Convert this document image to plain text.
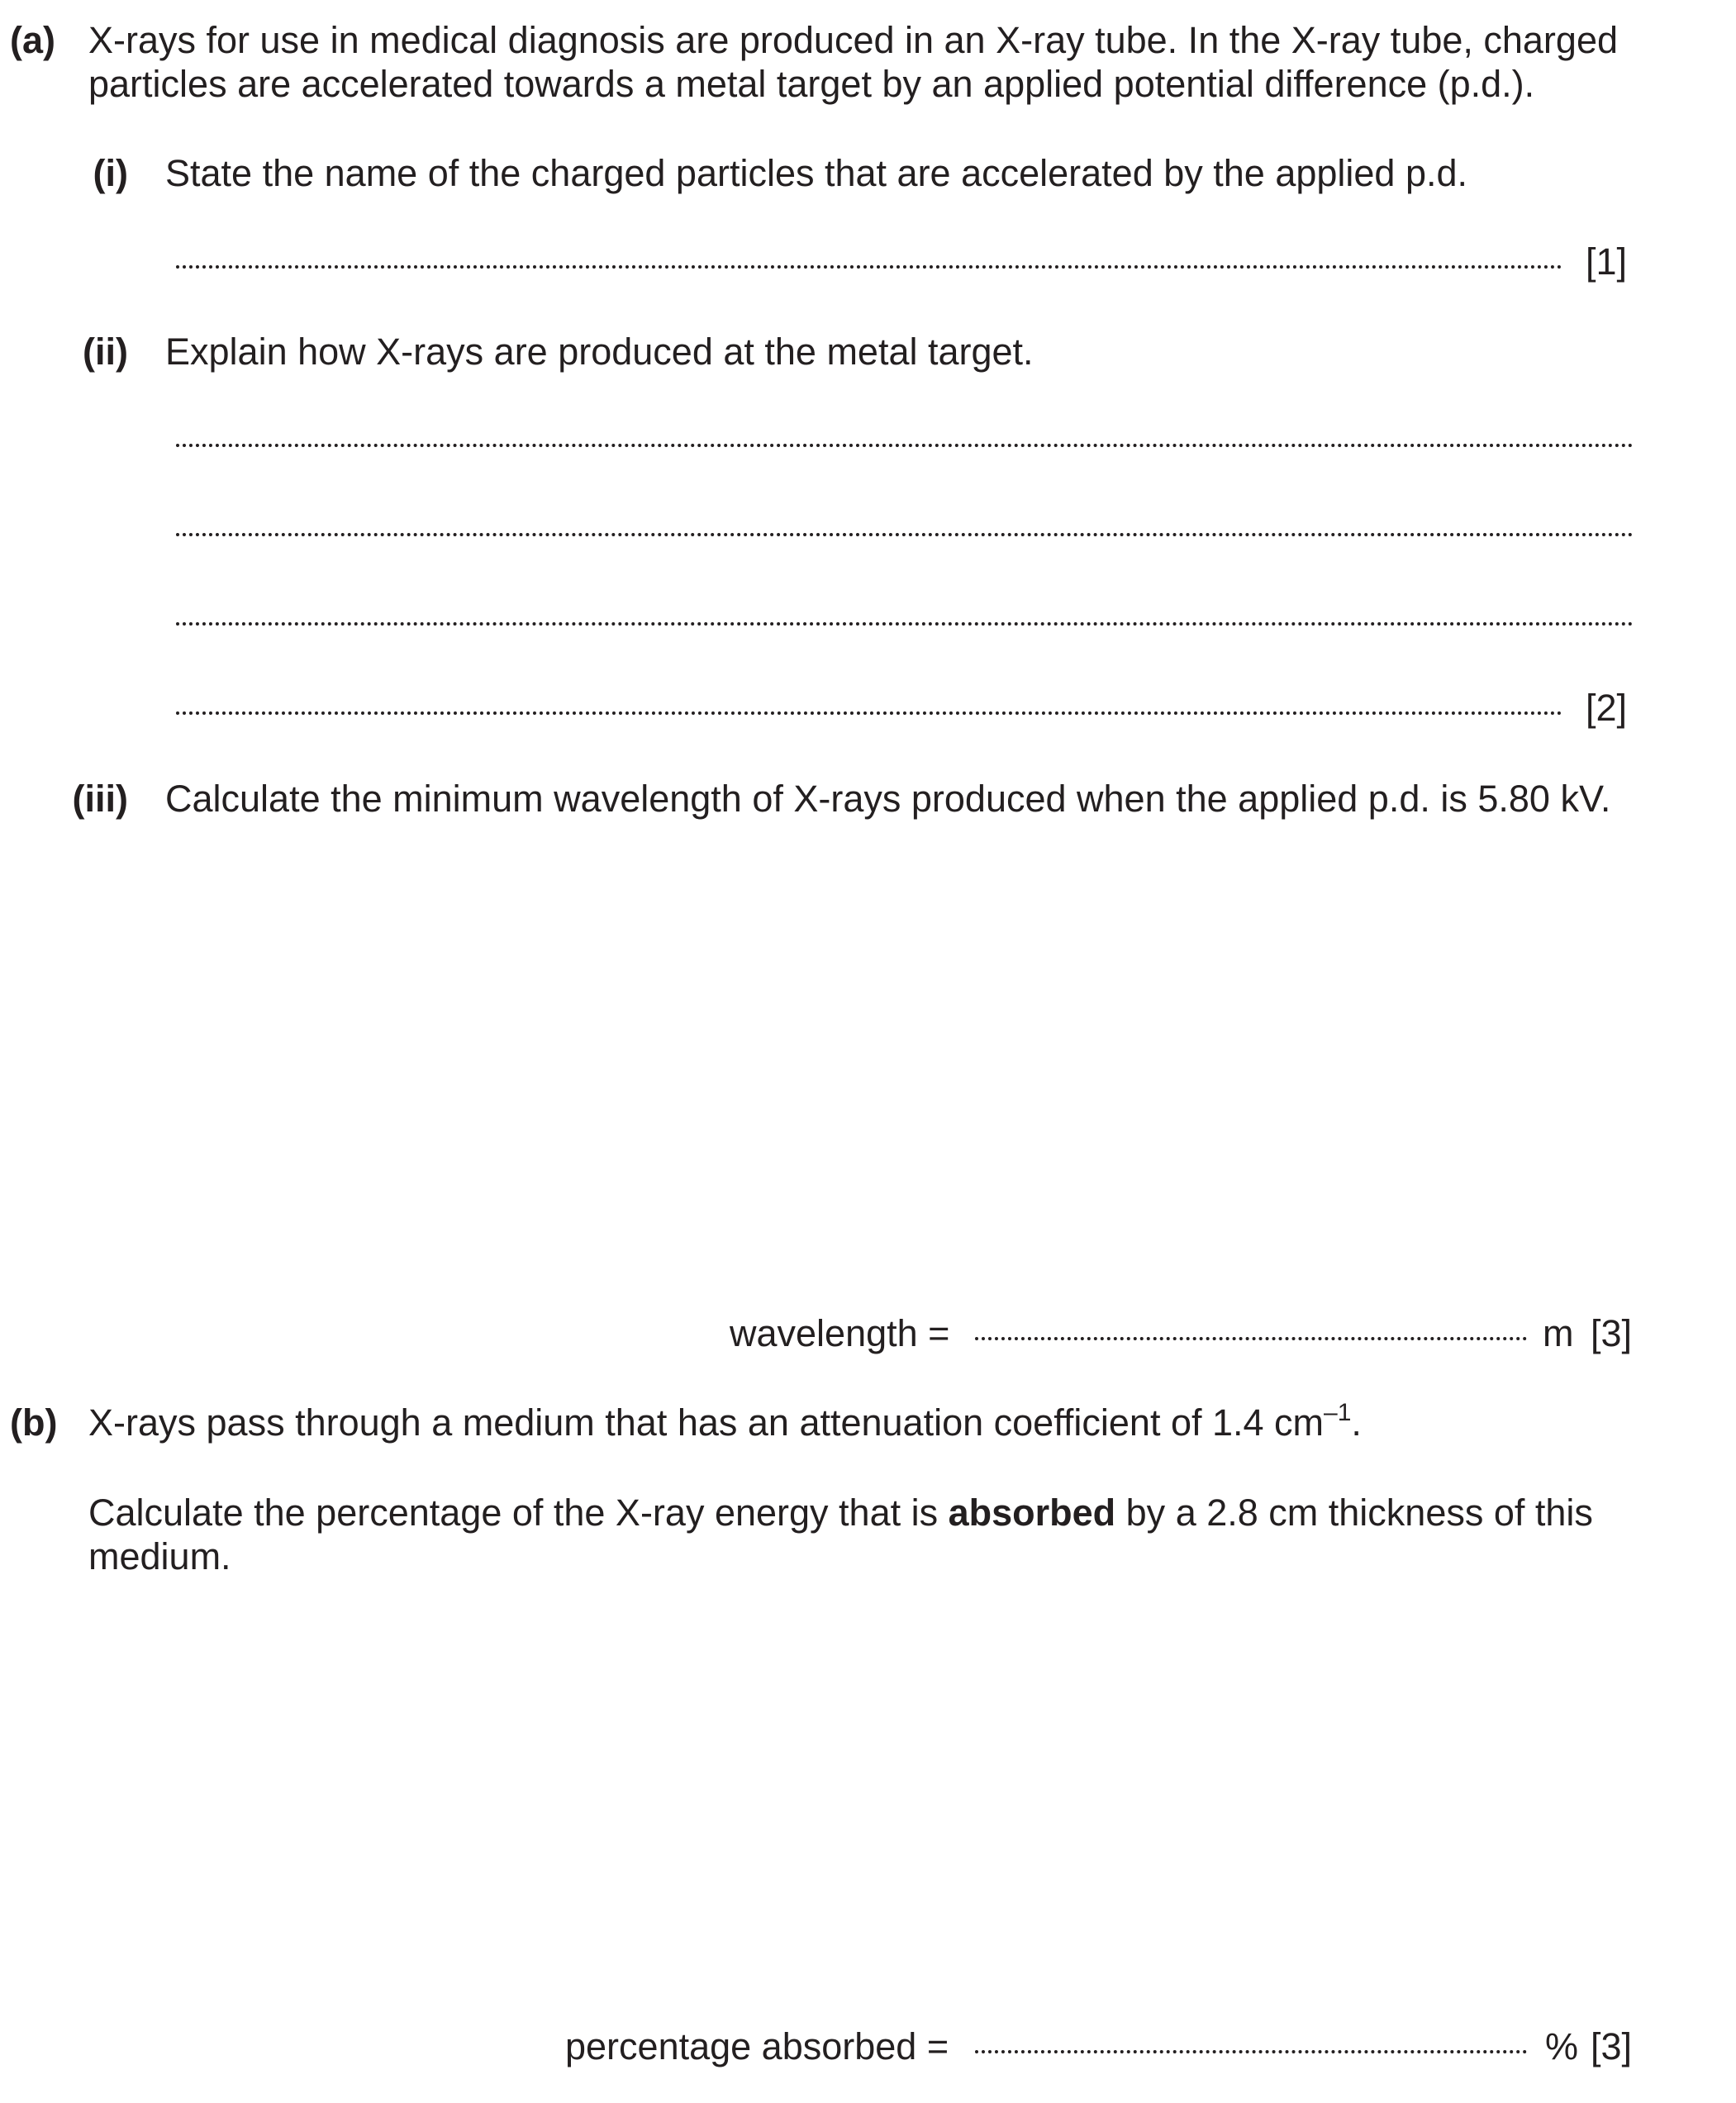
(a) X-rays for use in medical diagnosis are produced in an X-ray tube. In the X-ray tube, charged
particles are accelerated towards a metal target by an applied potential difference (p.d.).
(i) State the name of the charged particles that are accelerated by the applied p.d.
[1]
(ii) Explain how X-rays are produced at the metal target.
[2]
(iii) Calculate the minimum wavelength of X-rays produced when the applied p.d. is 5.80 kV.
wavelength =	m [3]
(b) X-rays pass through a medium that has an attenuation coefficient of 1.4 $cm^{-1}$.
Calculate the percentage of the X-ray energy that is absorbed by a 2.8 cm thickness of this
medium.
percentage absorbed =	% [3]
